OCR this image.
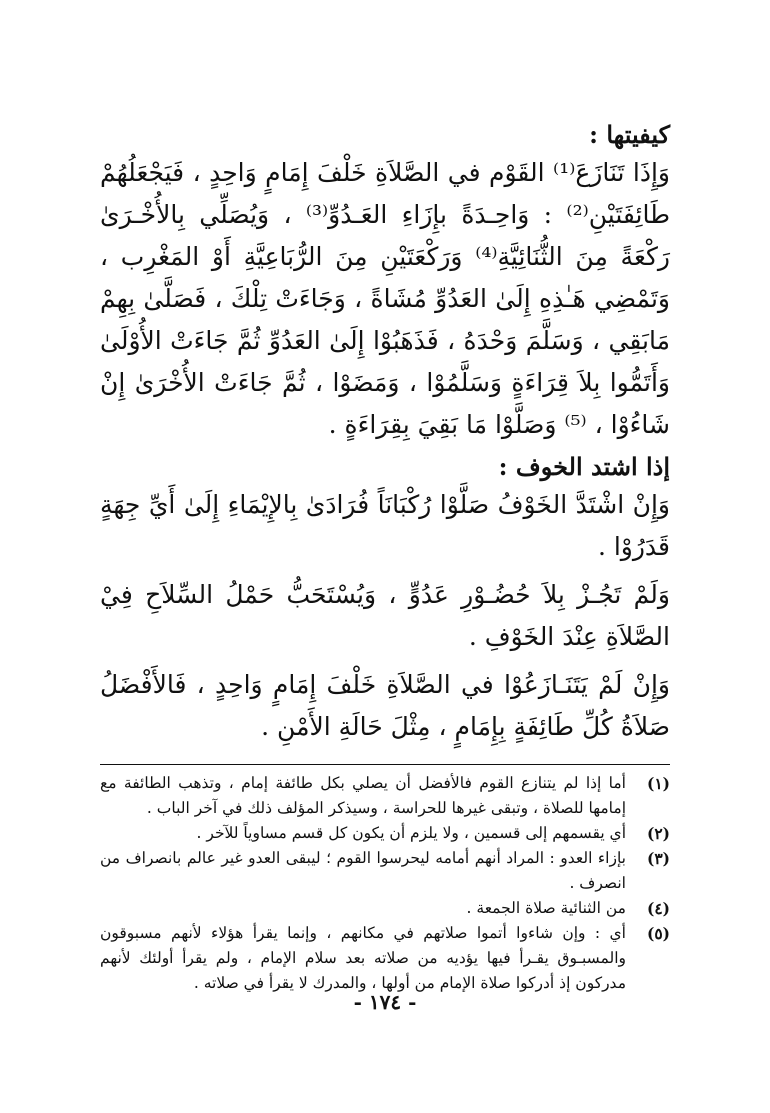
كيفيتها :

وَإِذَا تَنَازَعَ⁽¹⁾ القَوْم في الصَّلاَةِ خَلْفَ إِمَامٍ وَاحِدٍ ، فَيَجْعَلُهُمْ طَائِفَتَيْنِ⁽²⁾ : وَاحِـدَةً بإِزَاءِ العَـدُوِّ⁽³⁾ ، وَيُصَلِّي بِالأُخْـرَىٰ رَكْعَةً مِنَ الثُّنَائِيَّةِ⁽⁴⁾ وَرَكْعَتَيْنِ مِنَ الرُّبَاعِيَّةِ أَوْ المَغْرِب ، وَتَمْضِي هَـٰذِهِ إِلَىٰ العَدُوِّ مُشَاةً ، وَجَاءَتْ تِلْكَ ، فَصَلَّىٰ بِهِمْ مَابَقِي ، وَسَلَّمَ وَحْدَهُ ، فَذَهَبُوْا إِلَىٰ العَدُوِّ ثُمَّ جَاءَتْ الأُوْلَىٰ وَأَتَمُّوا بِلاَ قِرَاءَةٍ وَسَلَّمُوْا ، وَمَضَوْا ، ثُمَّ جَاءَتْ الأُخْرَىٰ إِنْ شَاءُوْا ، ⁽⁵⁾ وَصَلَّوْا مَا بَقِيَ بِقِرَاءَةٍ .

إذا اشتد الخوف :

وَإِنْ اشْتَدَّ الخَوْفُ صَلَّوْا رُكْبَانَاً فُرَادَىٰ بِالإِيْمَاءِ إِلَىٰ أَيِّ جِهَةٍ قَدَرُوْا .

وَلَمْ تَجُـزْ بِلاَ حُضُـوْرِ عَدُوٍّ ، وَيُسْتَحَبُّ حَمْلُ السِّلاَحِ فِيْ الصَّلاَةِ عِنْدَ الخَوْفِ .

وَإِنْ لَمْ يَتَنَـازَعُوْا في الصَّلاَةِ خَلْفَ إِمَامٍ وَاحِدٍ ، فَالأَفْضَلُ صَلاَةُ كُلِّ طَائِفَةٍ بِإِمَامٍ ، مِثْلَ حَالَةِ الأَمْنِ .

(١)
أما إذا لم يتنازع القوم فالأفضل أن يصلي بكل طائفة إمام ، وتذهب الطائفة مع إمامها للصلاة ، وتبقى غيرها للحراسة ، وسيذكر المؤلف ذلك في آخر الباب .
(٢)
أي يقسمهم إلى قسمين ، ولا يلزم أن يكون كل قسم مساوياً للآخر .
(٣)
بإزاء العدو : المراد أنهم أمامه ليحرسوا القوم ؛ ليبقى العدو غير عالم بانصراف من انصرف .
(٤)
من الثنائية صلاة الجمعة .
(٥)
أي : وإن شاءوا أتموا صلاتهم في مكانهم ، وإنما يقرأ هؤلاء لأنهم مسبوقون والمسبـوق يقـرأ فيها يؤديه من صلاته بعد سلام الإمام ، ولم يقرأ أولئك لأنهم مدركون إذ أدركوا صلاة الإمام من أولها ، والمدرك لا يقرأ في صلاته .
- ١٧٤ -
